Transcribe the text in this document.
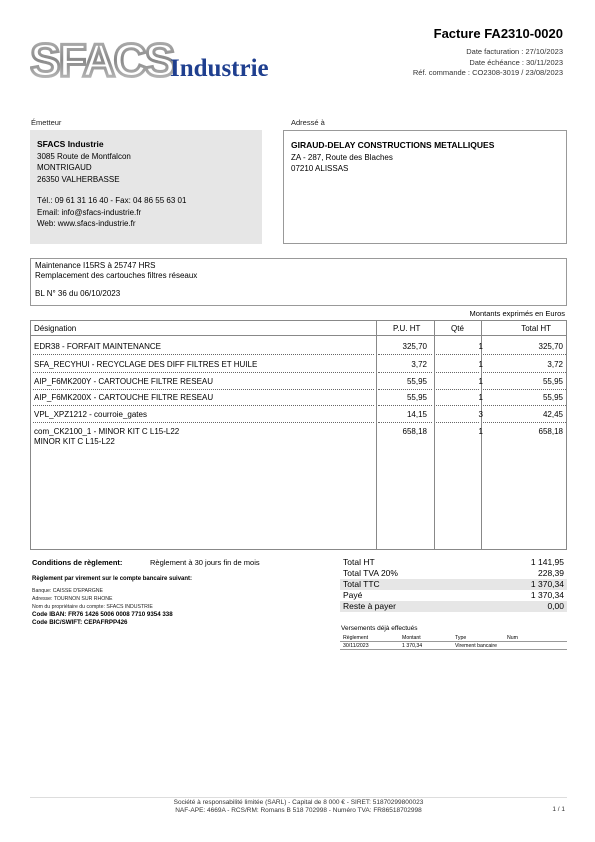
SFACS
Industrie
Facture FA2310-0020
Date facturation : 27/10/2023
Date échéance : 30/11/2023
Réf. commande : CO2308-3019 / 23/08/2023
Émetteur
SFACS Industrie
3085 Route de Montfalcon
MONTRIGAUD
26350 VALHERBASSE
Tél.: 09 61 31 16 40 - Fax: 04 86 55 63 01
Email: info@sfacs-industrie.fr
Web: www.sfacs-industrie.fr
Adressé à
GIRAUD-DELAY CONSTRUCTIONS METALLIQUES
ZA - 287, Route des Blaches
07210 ALISSAS
Maintenance I15RS à 25747 HRS
Remplacement des cartouches filtres réseaux
BL N° 36 du 06/10/2023
Montants exprimés en Euros
Désignation	P.U. HT	Qté	Total HT
EDR38 - FORFAIT MAINTENANCE	325,70	1	325,70
SFA_RECYHUI - RECYCLAGE DES DIFF FILTRES ET HUILE	3,72	1	3,72
AIP_F6MK200Y - CARTOUCHE FILTRE RESEAU	55,95	1	55,95
AIP_F6MK200X - CARTOUCHE FILTRE RESEAU	55,95	1	55,95
VPL_XPZ1212 - courroie_gates	14,15	3	42,45
com_CK2100_1 - MINOR KIT C L15-L22
MINOR KIT C L15-L22
658,18	1	658,18
Conditions de règlement:	Règlement à 30 jours fin de mois
Règlement par virement sur le compte bancaire suivant:
Banque: CAISSE D'EPARGNE
Adresse: TOURNON SUR RHONE
Nom du propriétaire du compte: SFACS INDUSTRIE
Code IBAN: FR76 1426 5006 0008 7710 9354 338
Code BIC/SWIFT: CEPAFRPP426
Total HT	1 141,95
Total TVA 20%	228,39
Total TTC	1 370,34
Payé	1 370,34
Reste à payer	0,00
Versements déjà effectués
Règlement	Montant	Type	Num
30/11/2023	1 370,34	Virement bancaire
Société à responsabilité limitée (SARL) - Capital de 8 000 € - SIRET: 51870299800023
NAF-APE: 4669A - RCS/RM: Romans B 518 702998 - Numéro TVA: FR86518702998	1 / 1
